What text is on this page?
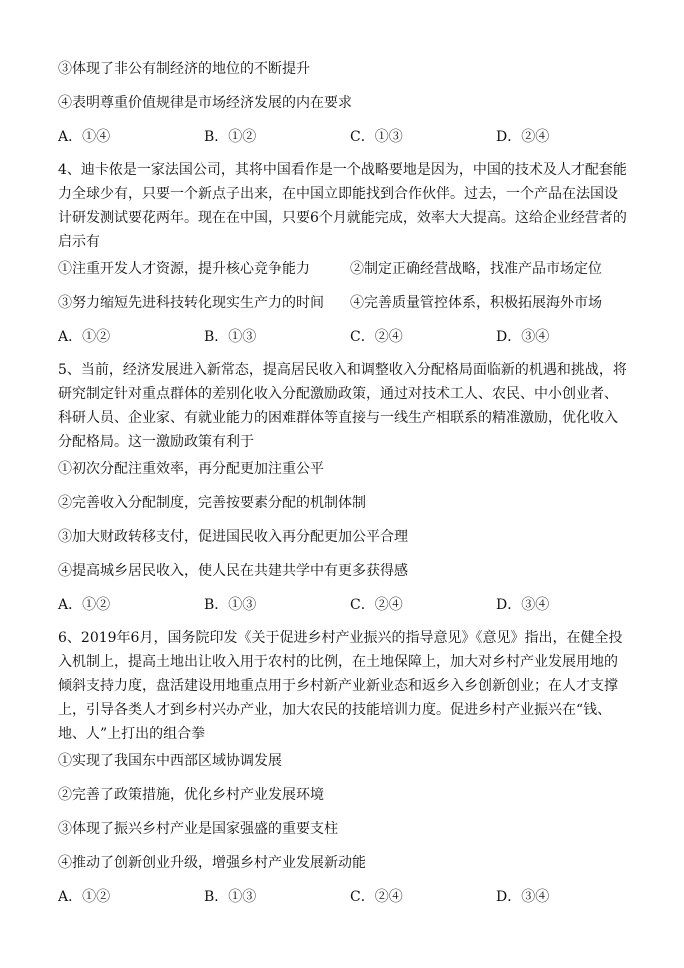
③体现了非公有制经济的地位的不断提升
④表明尊重价值规律是市场经济发展的内在要求
A．①④	B．①②	C．①③	D．②④
4、迪卡侬是一家法国公司，其将中国看作是一个战略要地是因为，中国的技术及人才配套能力全球少有，只要一个新点子出来，在中国立即能找到合作伙伴。过去，一个产品在法国设计研发测试要花两年。现在在中国，只要6个月就能完成，效率大大提高。这给企业经营者的启示有
①注重开发人才资源，提升核心竞争能力	②制定正确经营战略，找准产品市场定位
③努力缩短先进科技转化现实生产力的时间 ④完善质量管控体系，积极拓展海外市场
A．①②	B．①③	C．②④	D．③④
5、当前，经济发展进入新常态，提高居民收入和调整收入分配格局面临新的机遇和挑战，将研究制定针对重点群体的差别化收入分配激励政策，通过对技术工人、农民、中小创业者、科研人员、企业家、有就业能力的困难群体等直接与一线生产相联系的精准激励，优化收入分配格局。这一激励政策有利于
①初次分配注重效率，再分配更加注重公平
②完善收入分配制度，完善按要素分配的机制体制
③加大财政转移支付，促进国民收入再分配更加公平合理
④提高城乡居民收入，使人民在共建共学中有更多获得感
A．①②	B．①③	C．②④	D．③④
6、2019年6月，国务院印发《关于促进乡村产业振兴的指导意见》《意见》指出，在健全投入机制上，提高土地出让收入用于农村的比例，在土地保障上，加大对乡村产业发展用地的倾斜支持力度，盘活建设用地重点用于乡村新产业新业态和返乡入乡创新创业；在人才支撑上，引导各类人才到乡村兴办产业，加大农民的技能培训力度。促进乡村产业振兴在“钱、地、人”上打出的组合拳
①实现了我国东中西部区域协调发展
②完善了政策措施，优化乡村产业发展环境
③体现了振兴乡村产业是国家强盛的重要支柱
④推动了创新创业升级，增强乡村产业发展新动能
A．①②	B．①③	C．②④	D．③④
